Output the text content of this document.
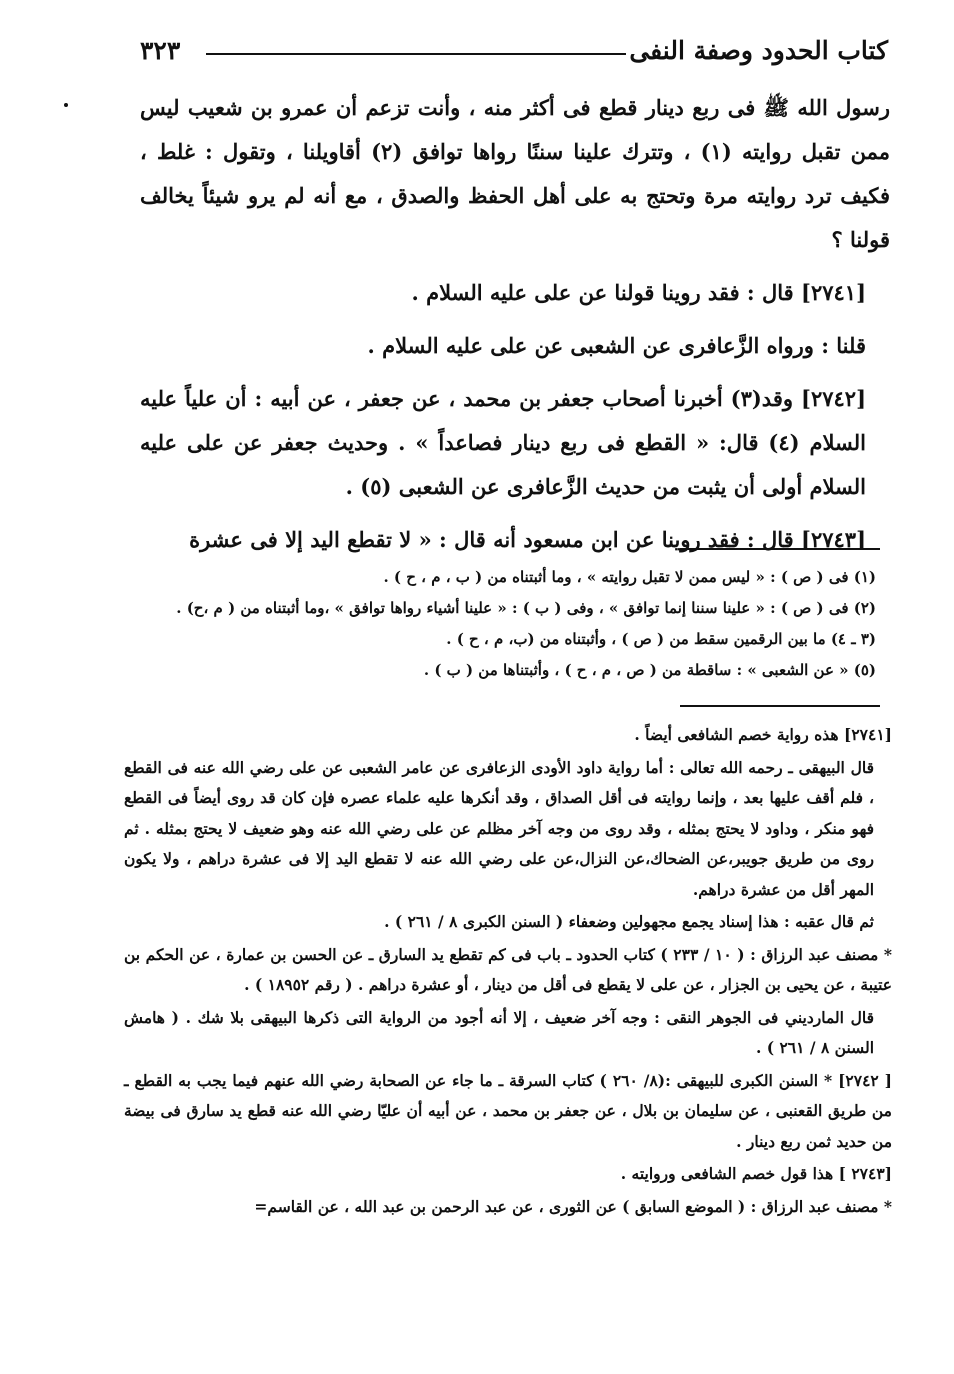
كتاب الحدود وصفة النفى
٣٢٣

رسول الله ﷺ فى ربع دينار قطع فى أكثر منه ، وأنت تزعم أن عمرو بن شعيب ليس ممن تقبل روايته (١) ، وتترك علينا سننًا رواها توافق (٢) أقاويلنا ، وتقول : غلط ، فكيف ترد روايته مرة وتحتج به على أهل الحفظ والصدق ، مع أنه لم يرو شيئاً يخالف قولنا ؟

[٢٧٤١] قال : فقد روينا قولنا عن على عليه السلام .

قلنا : ورواه الزَّعافرى عن الشعبى عن على عليه السلام .

[٢٧٤٢] وقد(٣) أخبرنا أصحاب جعفر بن محمد ، عن جعفر ، عن أبيه : أن علياً عليه السلام (٤) قال: « القطع فى ربع دينار فصاعداً » . وحديث جعفر عن على عليه السلام أولى أن يثبت من حديث الزَّعافرى عن الشعبى (٥) .

[٢٧٤٣] قال : فقد روينا عن ابن مسعود أنه قال : « لا تقطع اليد إلا فى عشرة

(١) فى ( ص ) : « ليس ممن لا تقبل روايته » ، وما أثبتناه من ( ب ، م ، ح ) .

(٢) فى ( ص ) : « علينا سننا إنما توافق » ، وفى ( ب ) : « علينا أشياء رواها توافق » ،وما أثبتناه من ( م ،ح) .

(٣ ـ ٤) ما بين الرقمين سقط من ( ص ) ، وأثبتناه من (ب، م ، ح ) .

(٥) « عن الشعبى » : ساقطة من ( ص ، م ، ح ) ، وأثبتناها من ( ب ) .

[٢٧٤١] هذه رواية خصم الشافعى أيضاً .

قال البيهقى ـ رحمه الله تعالى : أما رواية داود الأودى الزعافرى عن عامر الشعبى عن على رضي الله عنه فى القطع ، فلم أقف عليها بعد ، وإنما روايته فى أقل الصداق ، وقد أنكرها عليه علماء عصره فإن كان قد روى أيضاً فى القطع فهو منكر ، وداود لا يحتج بمثله ، وقد روى من وجه آخر مظلم عن على رضي الله عنه وهو ضعيف لا يحتج بمثله . ثم روى من طريق جويبر،عن الضحاك،عن النزال،عن على رضي الله عنه لا تقطع اليد إلا فى عشرة دراهم ، ولا يكون المهر أقل من عشرة دراهم.

ثم قال عقبه : هذا إسناد يجمع مجهولين وضعفاء ( السنن الكبرى ٨ / ٢٦١ ) .

* مصنف عبد الرزاق : ( ١٠ / ٢٣٣ ) كتاب الحدود ـ باب فى كم تقطع يد السارق ـ عن الحسن بن عمارة ، عن الحكم بن عتيبة ، عن يحيى بن الجزار ، عن على لا يقطع فى أقل من دينار ، أو عشرة دراهم . ( رقم ١٨٩٥٢ ) .

قال المارديني فى الجوهر النقى : وجه آخر ضعيف ، إلا أنه أجود من الرواية التى ذكرها البيهقى بلا شك . ( هامش السنن ٨ / ٢٦١ ) .

[ ٢٧٤٢] * السنن الكبرى للبيهقى :(٨/ ٢٦٠ ) كتاب السرقة ـ ما جاء عن الصحابة رضي الله عنهم فيما يجب به القطع ـ من طريق القعنبى ، عن سليمان بن بلال ، عن جعفر بن محمد ، عن أبيه أن عليّا رضي الله عنه قطع يد سارق فى بيضة من حديد ثمن ربع دينار .

[٢٧٤٣ ] هذا قول خصم الشافعى وروايته .

* مصنف عبد الرزاق : ( الموضع السابق ) عن الثورى ، عن عبد الرحمن بن عبد الله ، عن القاسم=
